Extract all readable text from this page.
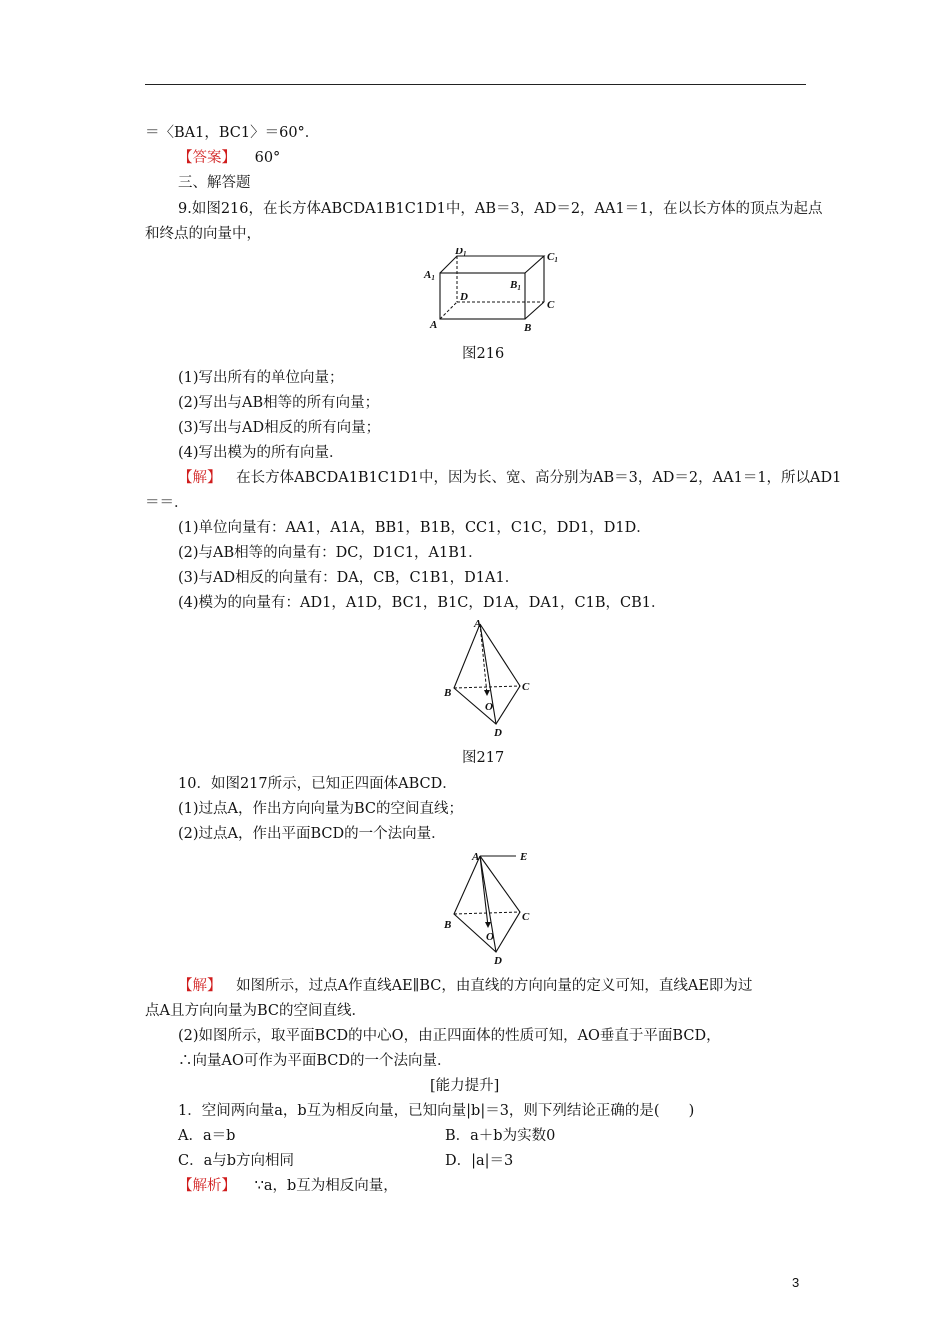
＝〈BA1，BC1〉＝60°．
【答案】 60°
三、解答题
9.如图216，在长方体ABCDA1B1C1D1中，AB＝3，AD＝2，AA1＝1，在以长方体的顶点为起点
和终点的向量中，
D1
A1
C1
B1
D
C
A	B
图216
(1)写出所有的单位向量；
(2)写出与AB相等的所有向量；
(3)写出与AD相反的所有向量；
(4)写出模为的所有向量．
【解】 在长方体ABCDA1B1C1D1中，因为长、宽、高分别为AB＝3，AD＝2，AA1＝1，所以AD1
＝＝．
(1)单位向量有：AA1，A1A，BB1，B1B，CC1，C1C，DD1，D1D．
(2)与AB相等的向量有：DC，D1C1，A1B1．
(3)与AD相反的向量有：DA，CB，C1B1，D1A1．
(4)模为的向量有：AD1，A1D，BC1，B1C，D1A，DA1，C1B，CB1．
A
B	C
D
O
图217
10．如图217所示，已知正四面体ABCD．
(1)过点A，作出方向向量为BC的空间直线；
(2)过点A，作出平面BCD的一个法向量．
A	E
B
C
D
O
【解】 如图所示，过点A作直线AE∥BC，由直线的方向向量的定义可知，直线AE即为过
点A且方向向量为BC的空间直线．
(2)如图所示，取平面BCD的中心O，由正四面体的性质可知，AO垂直于平面BCD，
∴向量AO可作为平面BCD的一个法向量．
[能力提升]
1．空间两向量a，b互为相反向量，已知向量|b|＝3，则下列结论正确的是(　　)
A．a＝b	B．a＋b为实数0
C．a与b方向相同	D．|a|＝3
【解析】 ∵a，b互为相反向量，
3
